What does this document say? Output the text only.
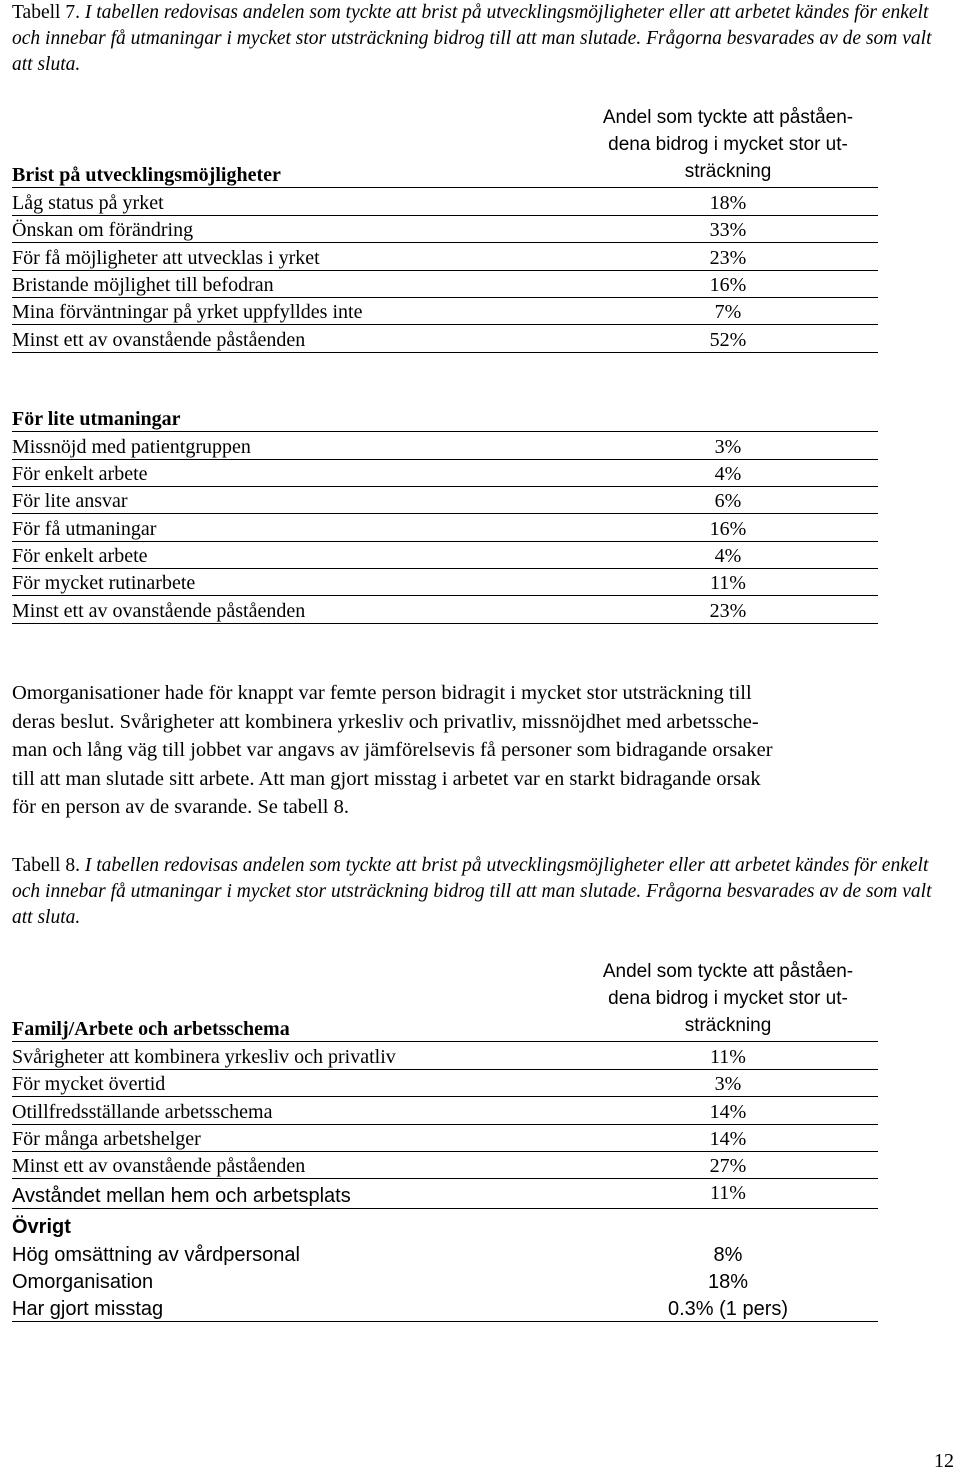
Tabell 7. I tabellen redovisas andelen som tyckte att brist på utvecklingsmöjligheter eller att arbetet kändes för enkelt och innebar få utmaningar i mycket stor utsträckning bidrog till att man slutade. Frågorna besvarades av de som valt att sluta.

Andel som tyckte att påståen-
dena bidrog i mycket stor ut-
sträckning
Brist på utvecklingsmöjligheter
Låg status på yrket	18%
Önskan om förändring	33%
För få möjligheter att utvecklas i yrket	23%
Bristande möjlighet till befodran	16%
Mina förväntningar på yrket uppfylldes inte	7%
Minst ett av ovanstående påståenden	52%
För lite utmaningar
Missnöjd med patientgruppen	3%
För enkelt arbete	4%
För lite ansvar	6%
För få utmaningar	16%
För enkelt arbete	4%
För mycket rutinarbete	11%
Minst ett av ovanstående påståenden	23%
Omorganisationer hade för knappt var femte person bidragit i mycket stor utsträckning till
deras beslut. Svårigheter att kombinera yrkesliv och privatliv, missnöjdhet med arbetssche-
man och lång väg till jobbet var angavs av jämförelsevis få personer som bidragande orsaker
till att man slutade sitt arbete. Att man gjort misstag i arbetet var en starkt bidragande orsak
för en person av de svarande. Se tabell 8.

Tabell 8. I tabellen redovisas andelen som tyckte att brist på utvecklingsmöjligheter eller att arbetet kändes för enkelt och innebar få utmaningar i mycket stor utsträckning bidrog till att man slutade. Frågorna besvarades av de som valt att sluta.

Andel som tyckte att påståen-
dena bidrog i mycket stor ut-
sträckning
Familj/Arbete och arbetsschema
Svårigheter att kombinera yrkesliv och privatliv	11%
För mycket övertid	3%
Otillfredsställande arbetsschema	14%
För många arbetshelger	14%
Minst ett av ovanstående påståenden	27%
Avståndet mellan hem och arbetsplats	11%
Övrigt
Hög omsättning av vårdpersonal	8%
Omorganisation	18%
Har gjort misstag	0.3% (1 pers)
12
